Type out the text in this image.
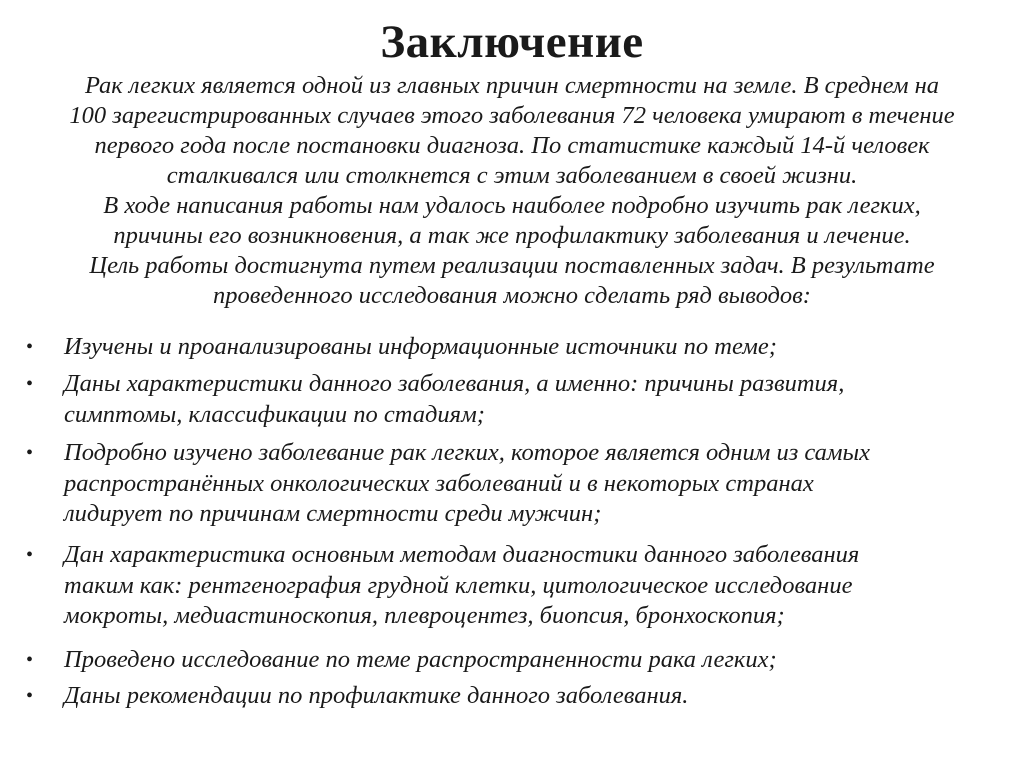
Заключение
Рак легких является одной из главных причин смертности на земле. В среднем на
100 зарегистрированных случаев этого заболевания 72 человека умирают в течение
первого года после постановки диагноза. По статистике каждый 14-й человек
сталкивался или столкнется с этим заболеванием в своей жизни.
В ходе написания работы нам удалось наиболее подробно изучить рак легких,
причины его возникновения, а так же профилактику заболевания и лечение.
Цель работы достигнута путем реализации поставленных задач. В результате
проведенного исследования можно сделать ряд выводов:
•	Изучены и проанализированы информационные источники по теме;
•	Даны характеристики данного заболевания, а именно: причины развития,
симптомы, классификации по стадиям;
•	Подробно изучено заболевание рак легких, которое является одним из самых
распространённых онкологических заболеваний и в некоторых странах
лидирует по причинам смертности среди мужчин;
•	Дан характеристика основным методам диагностики данного заболевания
таким как: рентгенография грудной клетки, цитологическое исследование
мокроты, медиастиноскопия, плевроцентез, биопсия, бронхоскопия;
•	Проведено исследование по теме распространенности рака легких;
•	Даны рекомендации по профилактике данного заболевания.
